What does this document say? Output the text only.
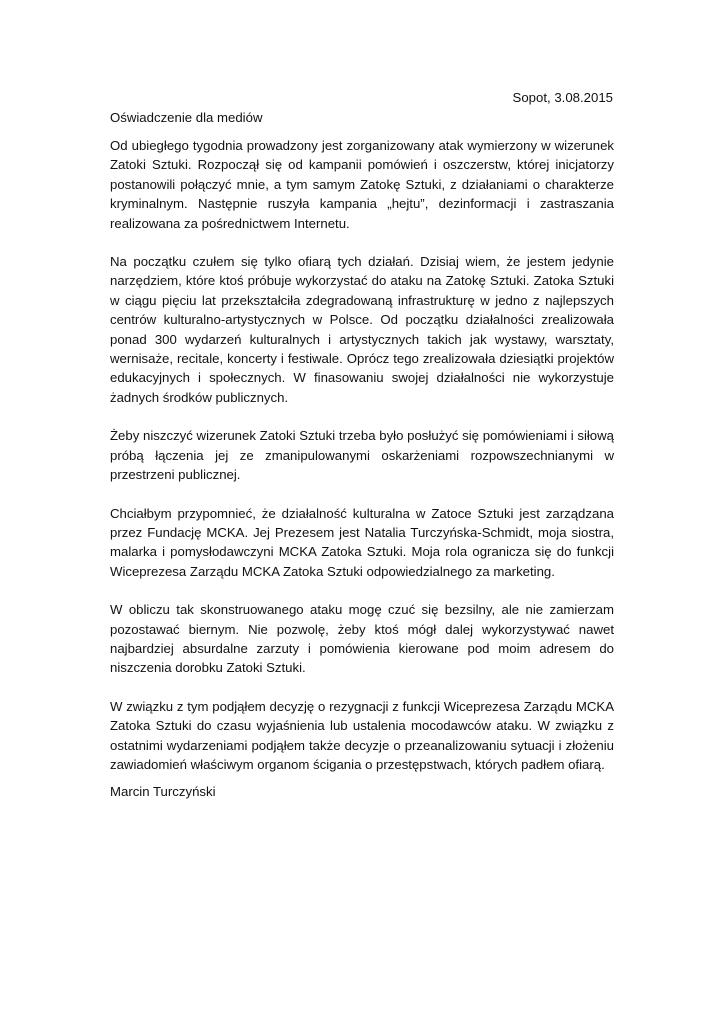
Sopot, 3.08.2015
Oświadczenie dla mediów

Od ubiegłego tygodnia prowadzony jest zorganizowany atak wymierzony w wizerunek Zatoki Sztuki. Rozpoczął się od kampanii pomówień i oszczerstw, której inicjatorzy postanowili połączyć mnie, a tym samym Zatokę Sztuki, z działaniami o charakterze kryminalnym. Następnie ruszyła kampania „hejtu”, dezinformacji i zastraszania realizowana za pośrednictwem Internetu.

Na początku czułem się tylko ofiarą tych działań. Dzisiaj wiem, że jestem jedynie narzędziem, które ktoś próbuje wykorzystać do ataku na Zatokę Sztuki. Zatoka Sztuki w ciągu pięciu lat przekształciła zdegradowaną infrastrukturę w jedno z najlepszych centrów kulturalno-artystycznych w Polsce. Od początku działalności zrealizowała ponad 300 wydarzeń kulturalnych i artystycznych takich jak wystawy, warsztaty, wernisaże, recitale, koncerty i festiwale. Oprócz tego zrealizowała dziesiątki projektów edukacyjnych i społecznych. W finasowaniu swojej działalności nie wykorzystuje żadnych środków publicznych.

Żeby niszczyć wizerunek Zatoki Sztuki trzeba było posłużyć się pomówieniami i siłową próbą łączenia jej ze zmanipulowanymi oskarżeniami rozpowszechnianymi w przestrzeni publicznej.

Chciałbym przypomnieć, że działalność kulturalna w Zatoce Sztuki jest zarządzana przez Fundację MCKA. Jej Prezesem jest Natalia Turczyńska-Schmidt, moja siostra, malarka i pomysłodawczyni MCKA Zatoka Sztuki. Moja rola ogranicza się do funkcji Wiceprezesa Zarządu MCKA Zatoka Sztuki odpowiedzialnego za marketing.

W obliczu tak skonstruowanego ataku mogę czuć się bezsilny, ale nie zamierzam pozostawać biernym. Nie pozwolę, żeby ktoś mógł dalej wykorzystywać nawet najbardziej absurdalne zarzuty i pomówienia kierowane pod moim adresem do niszczenia dorobku Zatoki Sztuki.

W związku z tym podjąłem decyzję o rezygnacji z funkcji Wiceprezesa Zarządu MCKA Zatoka Sztuki do czasu wyjaśnienia lub ustalenia mocodawców ataku. W związku z ostatnimi wydarzeniami podjąłem także decyzje o przeanalizowaniu sytuacji i złożeniu zawiadomień właściwym organom ścigania o przestępstwach, których padłem ofiarą.

Marcin Turczyński
